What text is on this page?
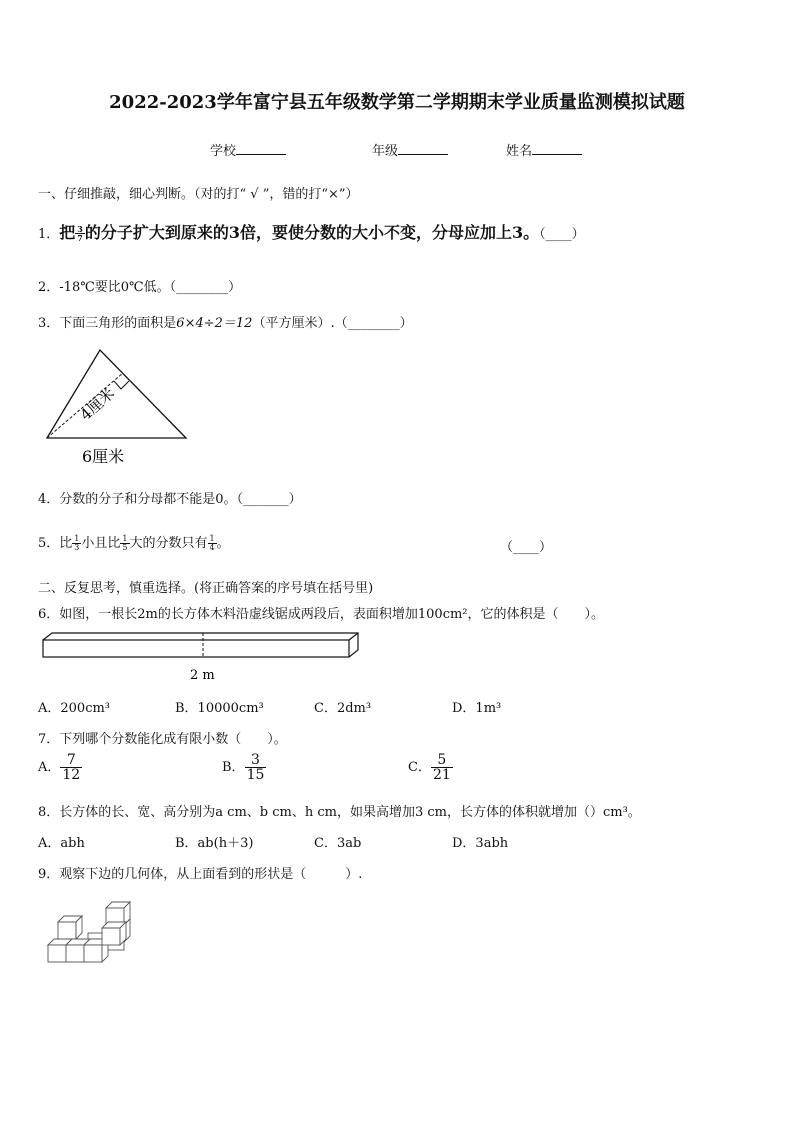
2022-2023学年富宁县五年级数学第二学期期末学业质量监测模拟试题
学校	年级	姓名
一、仔细推敲，细心判断。（对的打“ √ ”，错的打“×”）
1．把 $\frac{3}{7}$ 的分子扩大到原来的3倍，要使分数的大小不变，分母应加上3。（____）
2．-18℃要比0℃低。（________）
3．下面三角形的面积是6×4÷2＝12（平方厘米）.（________）
4厘米
6厘米
4．分数的分子和分母都不能是0。（_______）
5．比 $\frac{1}{3}$ 小且比 $\frac{1}{5}$ 大的分数只有 $\frac{1}{4}$ 。	（____）
二、反复思考，慎重选择。(将正确答案的序号填在括号里)
6．如图，一根长2m的长方体木料沿虚线锯成两段后，表面积增加100cm²，它的体积是（　　）。
2 m
A．200cm³	B．10000cm³	C．2dm³	D．1m³
7．下列哪个分数能化成有限小数（　　）。
A． $\frac{7}{12}$	B． $\frac{3}{15}$	C． $\frac{5}{21}$
8．长方体的长、宽、高分别为a cm、b cm、h cm，如果高增加3 cm，长方体的体积就增加（）cm³。
A．abh	B．ab(h＋3)	C．3ab	D．3abh
9．观察下边的几何体，从上面看到的形状是（　　　）.
